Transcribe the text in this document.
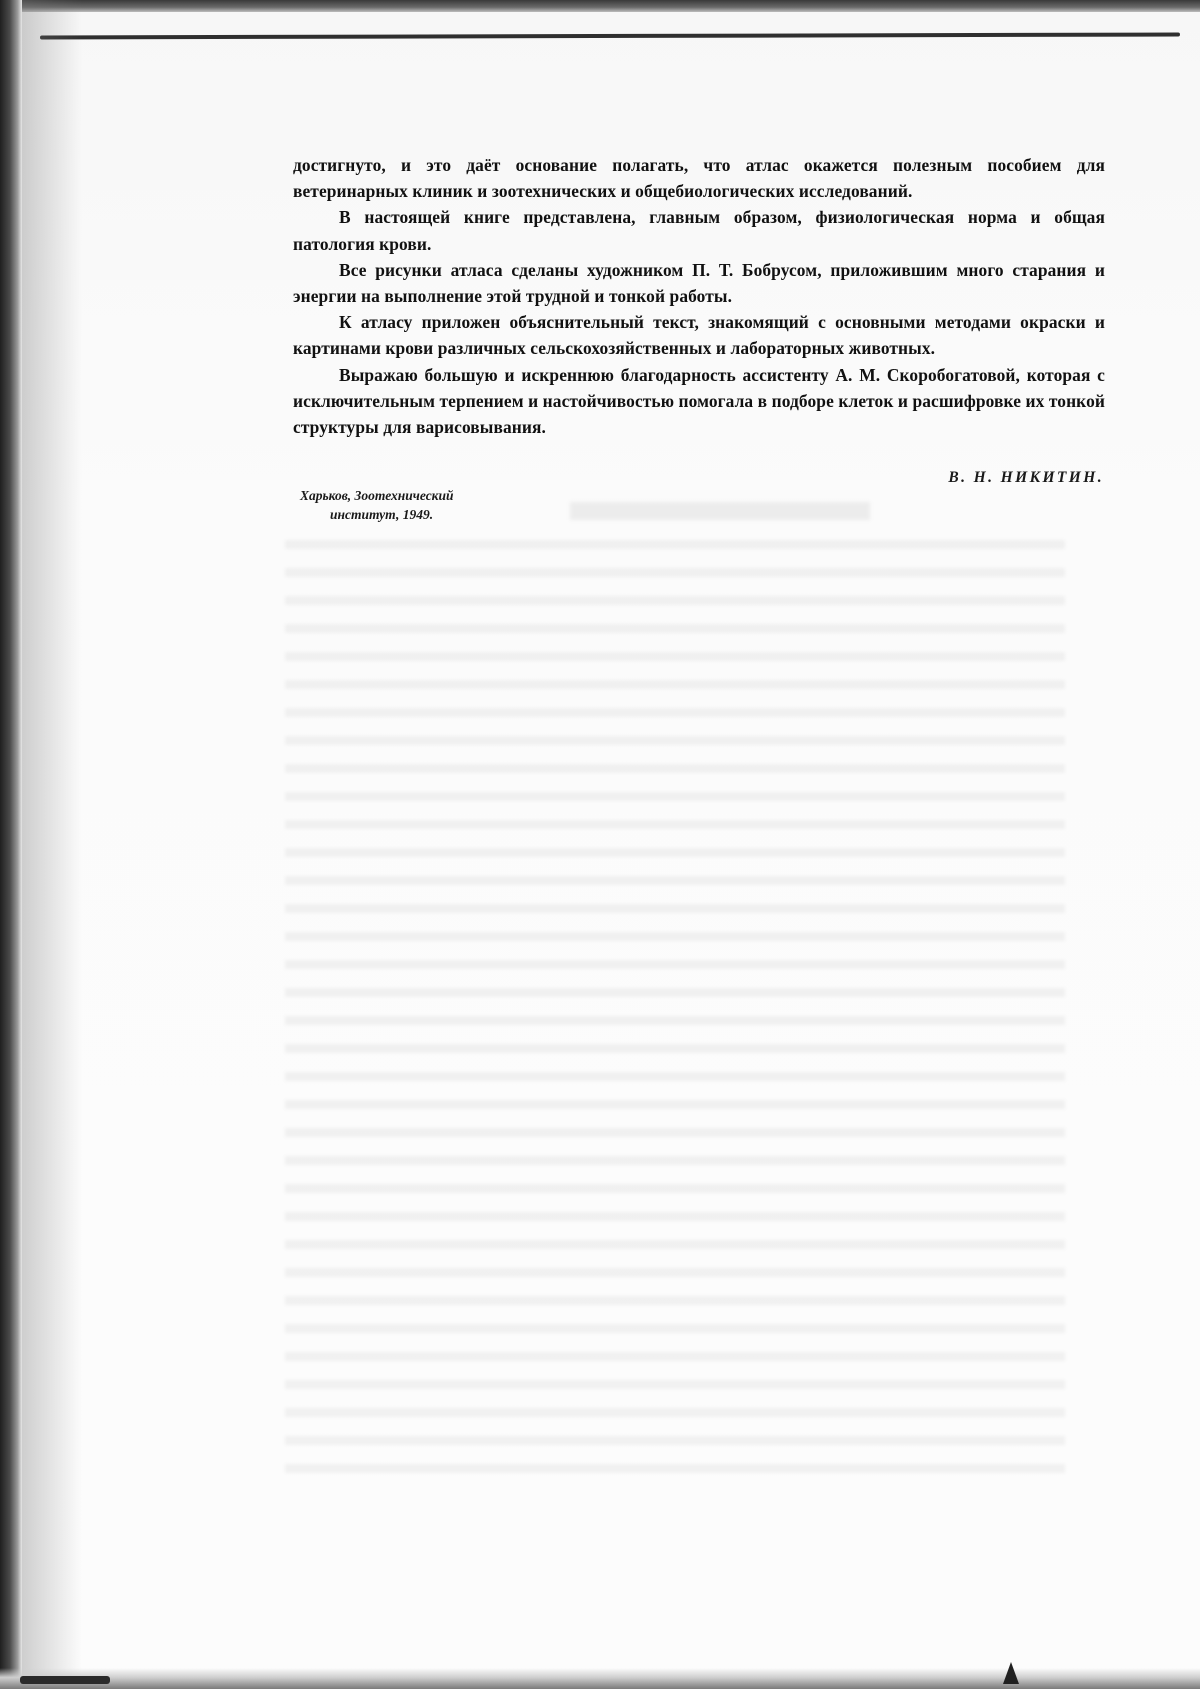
достигнуто, и это даёт основание полагать, что атлас окажется полезным пособием для ветеринарных клиник и зоотехнических и общебиологических исследований.

В настоящей книге представлена, главным образом, физиологическая норма и общая патология крови.

Все рисунки атласа сделаны художником П. Т. Бобрусом, приложившим много старания и энергии на выполнение этой трудной и тонкой работы.

К атласу приложен объяснительный текст, знакомящий с основными методами окраски и картинами крови различных сельскохозяйственных и лабораторных животных.

Выражаю большую и искреннюю благодарность ассистенту А. М. Скоробогатовой, которая с исключительным терпением и настойчивостью помогала в подборе клеток и расшифровке их тонкой структуры для варисовывания.

В. Н. НИКИТИН.
Харьков, Зоотехнический
институт, 1949.
